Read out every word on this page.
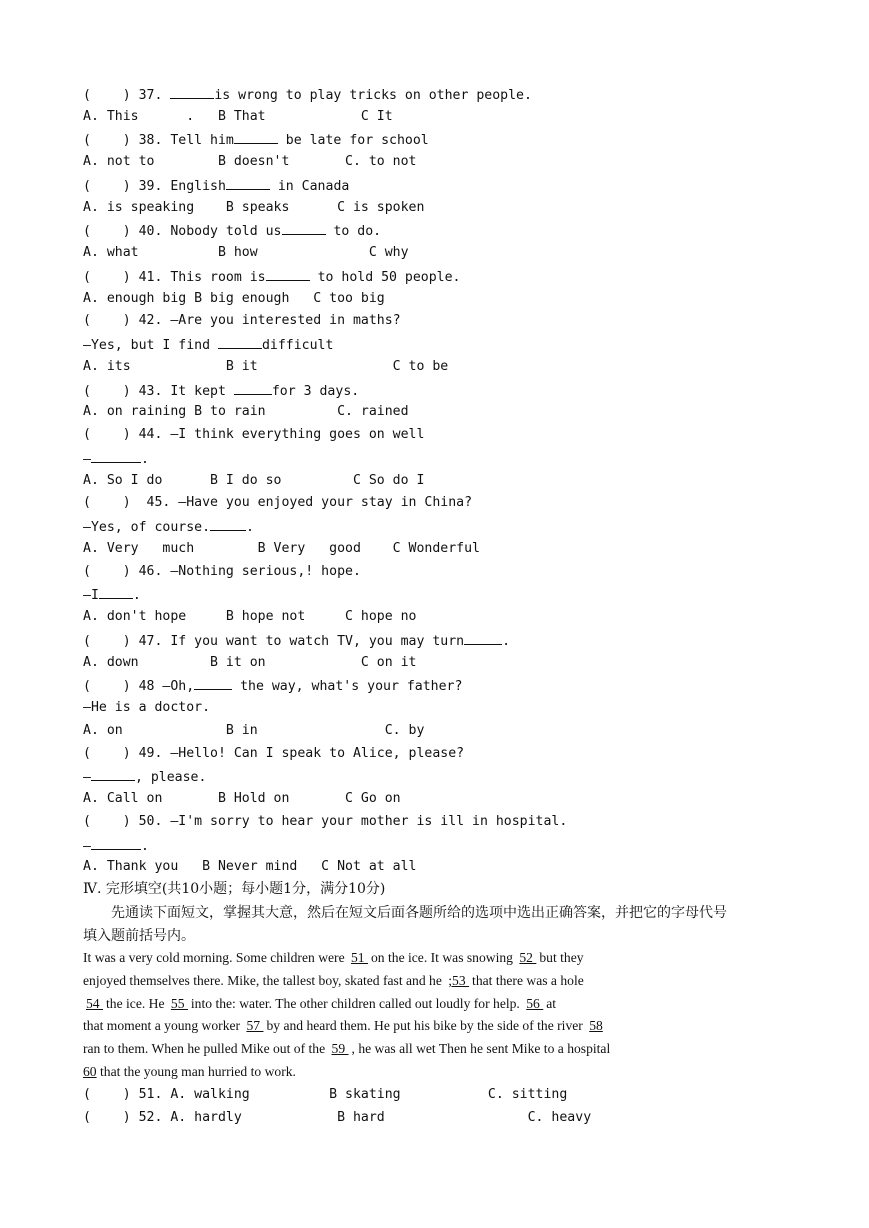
(    ) 37.	is wrong to play tricks on other people.
A. This      .   B That            C It
(    ) 38. Tell him	be late for school
A. not to        B doesn't       C. to not
(    ) 39. English	in Canada
A. is speaking    B speaks      C is spoken
(    ) 40. Nobody told us	to do.
A. what          B how              C why
(    ) 41. This room is	to hold 50 people.
A. enough big B big enough   C too big
(    ) 42. —Are you interested in maths?
—Yes, but I find	difficult
A. its            B it                 C to be
(    ) 43. It kept	for 3 days.
A. on raining B to rain         C. rained
(    ) 44. —I think everything goes on well
—	.
A. So I do      B I do so         C So do I
(    )  45. —Have you enjoyed your stay in China?
—Yes, of course.	.
A. Very   much        B Very   good    C Wonderful
(    ) 46. —Nothing serious,! hope.
—I	.
A. don't hope     B hope not     C hope no
(    ) 47. If you want to watch TV, you may turn	.
A. down         B it on            C on it
(    ) 48 —Oh,	the way, what's your father?
—He is a doctor.
A. on             B in                C. by
(    ) 49. —Hello! Can I speak to Alice, please?
—	, please.
A. Call on       B Hold on       C Go on
(    ) 50. —I'm sorry to hear your mother is ill in hospital.
—	.
A. Thank you   B Never mind   C Not at all
Ⅳ. 完形填空(共10小题；每小题1分，满分10分)
先通读下面短文，掌握其大意，然后在短文后面各题所给的选项中选出正确答案，并把它的字母代号
填入题前括号内。
It was a very cold morning. Some children were 51 on the ice. It was snowing 52 but they
enjoyed themselves there. Mike, the tallest boy, skated fast and he ;53 that there was a hole
54 the ice. He 55 into the: water. The other children called out loudly for help. 56 at
that moment a young worker 57 by and heard them. He put his bike by the side of the river 58
ran to them. When he pulled Mike out of the 59 , he was all wet Then he sent Mike to a hospital
60 that the young man hurried to work.
(    ) 51. A. walking          B skating           C. sitting
(    ) 52. A. hardly            B hard                  C. heavy
